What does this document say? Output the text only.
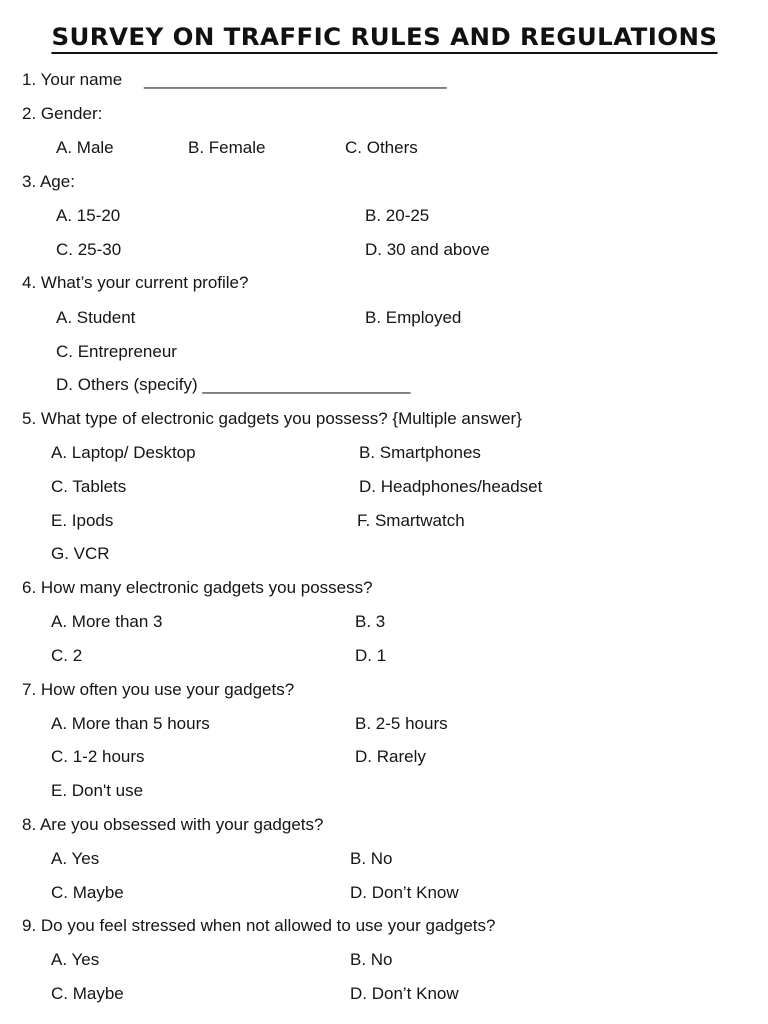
SURVEY ON TRAFFIC RULES AND REGULATIONS
1. Your name ________________________________
2. Gender:
A. Male	B. Female	C. Others
3. Age:
A. 15-20	B. 20-25
C. 25-30	D. 30 and above
4. What’s your current profile?
A. Student	B. Employed
C. Entrepreneur
D. Others (specify) ______________________
5. What type of electronic gadgets you possess? {Multiple answer}
A. Laptop/ Desktop	B. Smartphones
C. Tablets	D. Headphones/headset
E. Ipods	F. Smartwatch
G. VCR
6. How many electronic gadgets you possess?
A. More than 3	B. 3
C. 2	D. 1
7. How often you use your gadgets?
A. More than 5 hours	B. 2-5 hours
C. 1-2 hours	D. Rarely
E. Don't use
8. Are you obsessed with your gadgets?
A. Yes	B. No
C. Maybe	D. Don’t Know
9. Do you feel stressed when not allowed to use your gadgets?
A. Yes	B. No
C. Maybe	D. Don’t Know
